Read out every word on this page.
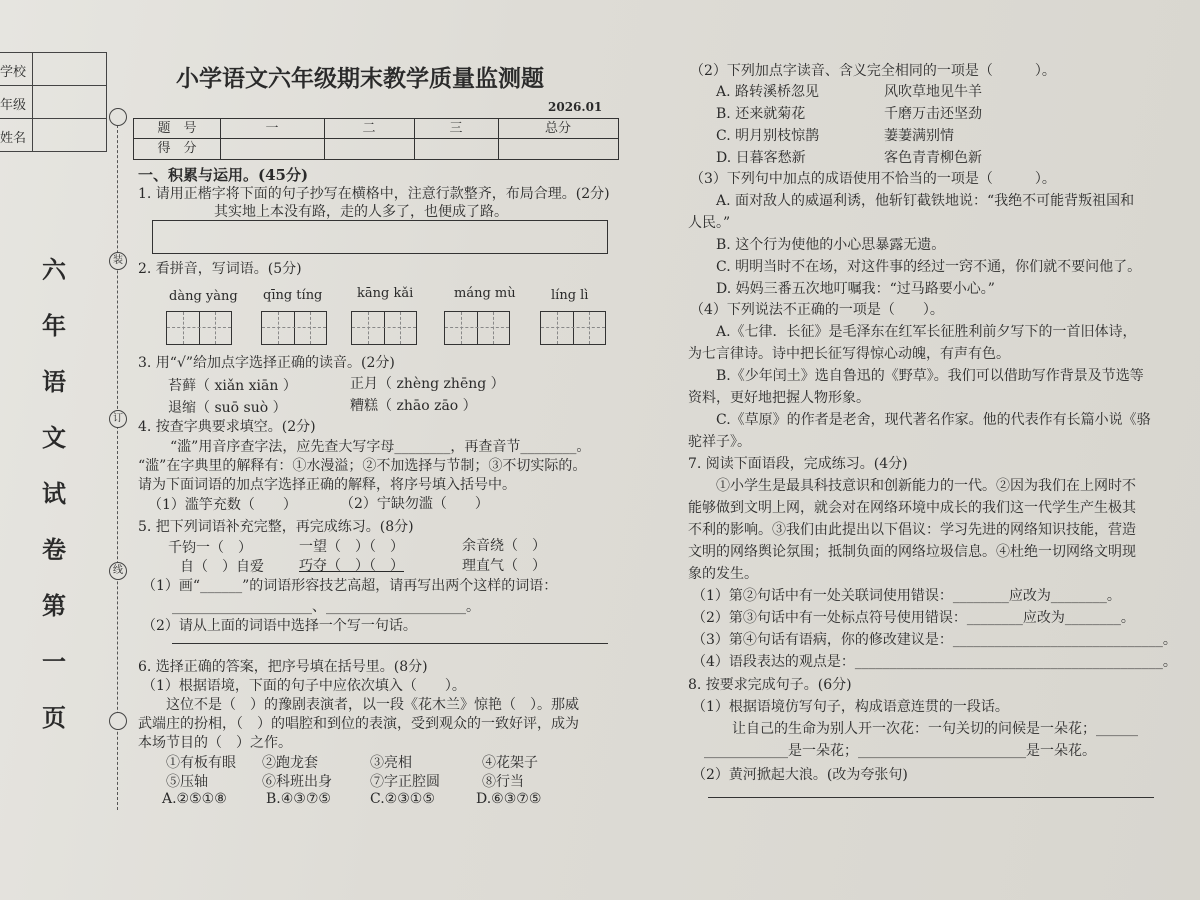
学校
年级
姓名
六
年
语
文
试
卷
第
一
页
装
订
线
小学语文六年级期末教学质量监测题
2026.01
题　号	一	二	三	总分
得　分
一、积累与运用。(45分)
1. 请用正楷字将下面的句子抄写在横格中，注意行款整齐，布局合理。(2分)
其实地上本没有路，走的人多了，也便成了路。
2. 看拼音，写词语。(5分)
dàng yàng qīng tíng	kāng kǎi	máng mù	líng lì
3. 用“√”给加点字选择正确的读音。(2分)
苔藓（ xiǎn xiān ）	正月（ zhèng zhēng ）
退缩（ suō suò ）	糟糕（ zhāo zāo ）
4. 按查字典要求填空。(2分)
“滥”用音序查字法，应先查大写字母________，再查音节________。
“滥”在字典里的解释有：①水漫溢；②不加选择与节制；③不切实际的。
请为下面词语的加点字选择正确的解释，将序号填入括号中。
（1）滥竽充数（　　）	（2）宁缺勿滥（　　）
5. 把下列词语补充完整，再完成练习。(8分)
千钧一（　）	一望（　）（　）	余音绕（　）
自（　）自爱	巧夺（　）（　）	理直气（　）
（1）画“______”的词语形容技艺高超，请再写出两个这样的词语：
____________________、____________________。
（2）请从上面的词语中选择一个写一句话。
6. 选择正确的答案，把序号填在括号里。(8分)
（1）根据语境，下面的句子中应依次填入（　　）。
这位不是（　）的豫剧表演者，以一段《花木兰》惊艳（　）。那威
武端庄的扮相，（　）的唱腔和到位的表演，受到观众的一致好评，成为
本场节目的（　）之作。
①有板有眼 ②跑龙套	③亮相	④花架子
⑤压轴	⑥科班出身	⑦字正腔圆	⑧行当
A.②⑤①⑧	B.④③⑦⑤	C.②③①⑤	D.⑥③⑦⑤
（2）下列加点字读音、含义完全相同的一项是（　　　）。
A. 路转溪桥忽见	风吹草地见牛羊
B. 还来就菊花	千磨万击还坚劲
C. 明月别枝惊鹊	萋萋满别情
D. 日暮客愁新	客色青青柳色新
（3）下列句中加点的成语使用不恰当的一项是（　　　）。
A. 面对敌人的威逼利诱，他斩钉截铁地说：“我绝不可能背叛祖国和
人民。”
B. 这个行为使他的小心思暴露无遗。
C. 明明当时不在场，对这件事的经过一窍不通，你们就不要问他了。
D. 妈妈三番五次地叮嘱我：“过马路要小心。”
（4）下列说法不正确的一项是（　　）。
A.《七律．长征》是毛泽东在红军长征胜利前夕写下的一首旧体诗，
为七言律诗。诗中把长征写得惊心动魄，有声有色。
B.《少年闰土》选自鲁迅的《野草》。我们可以借助写作背景及节选等
资料，更好地把握人物形象。
C.《草原》的作者是老舍，现代著名作家。他的代表作有长篇小说《骆
驼祥子》。
7. 阅读下面语段，完成练习。(4分)
①小学生是最具科技意识和创新能力的一代。②因为我们在上网时不
能够做到文明上网，就会对在网络环境中成长的我们这一代学生产生极其
不利的影响。③我们由此提出以下倡议：学习先进的网络知识技能，营造
文明的网络舆论氛围；抵制负面的网络垃圾信息。④杜绝一切网络文明现
象的发生。
（1）第②句话中有一处关联词使用错误：________应改为________。
（2）第③句话中有一处标点符号使用错误：________应改为________。
（3）第④句话有语病，你的修改建议是：______________________________。
（4）语段表达的观点是：____________________________________________。
8. 按要求完成句子。(6分)
（1）根据语境仿写句子，构成语意连贯的一段话。
让自己的生命为别人开一次花：一句关切的问候是一朵花；______
____________是一朵花；________________________是一朵花。
（2）黄河掀起大浪。(改为夸张句)
